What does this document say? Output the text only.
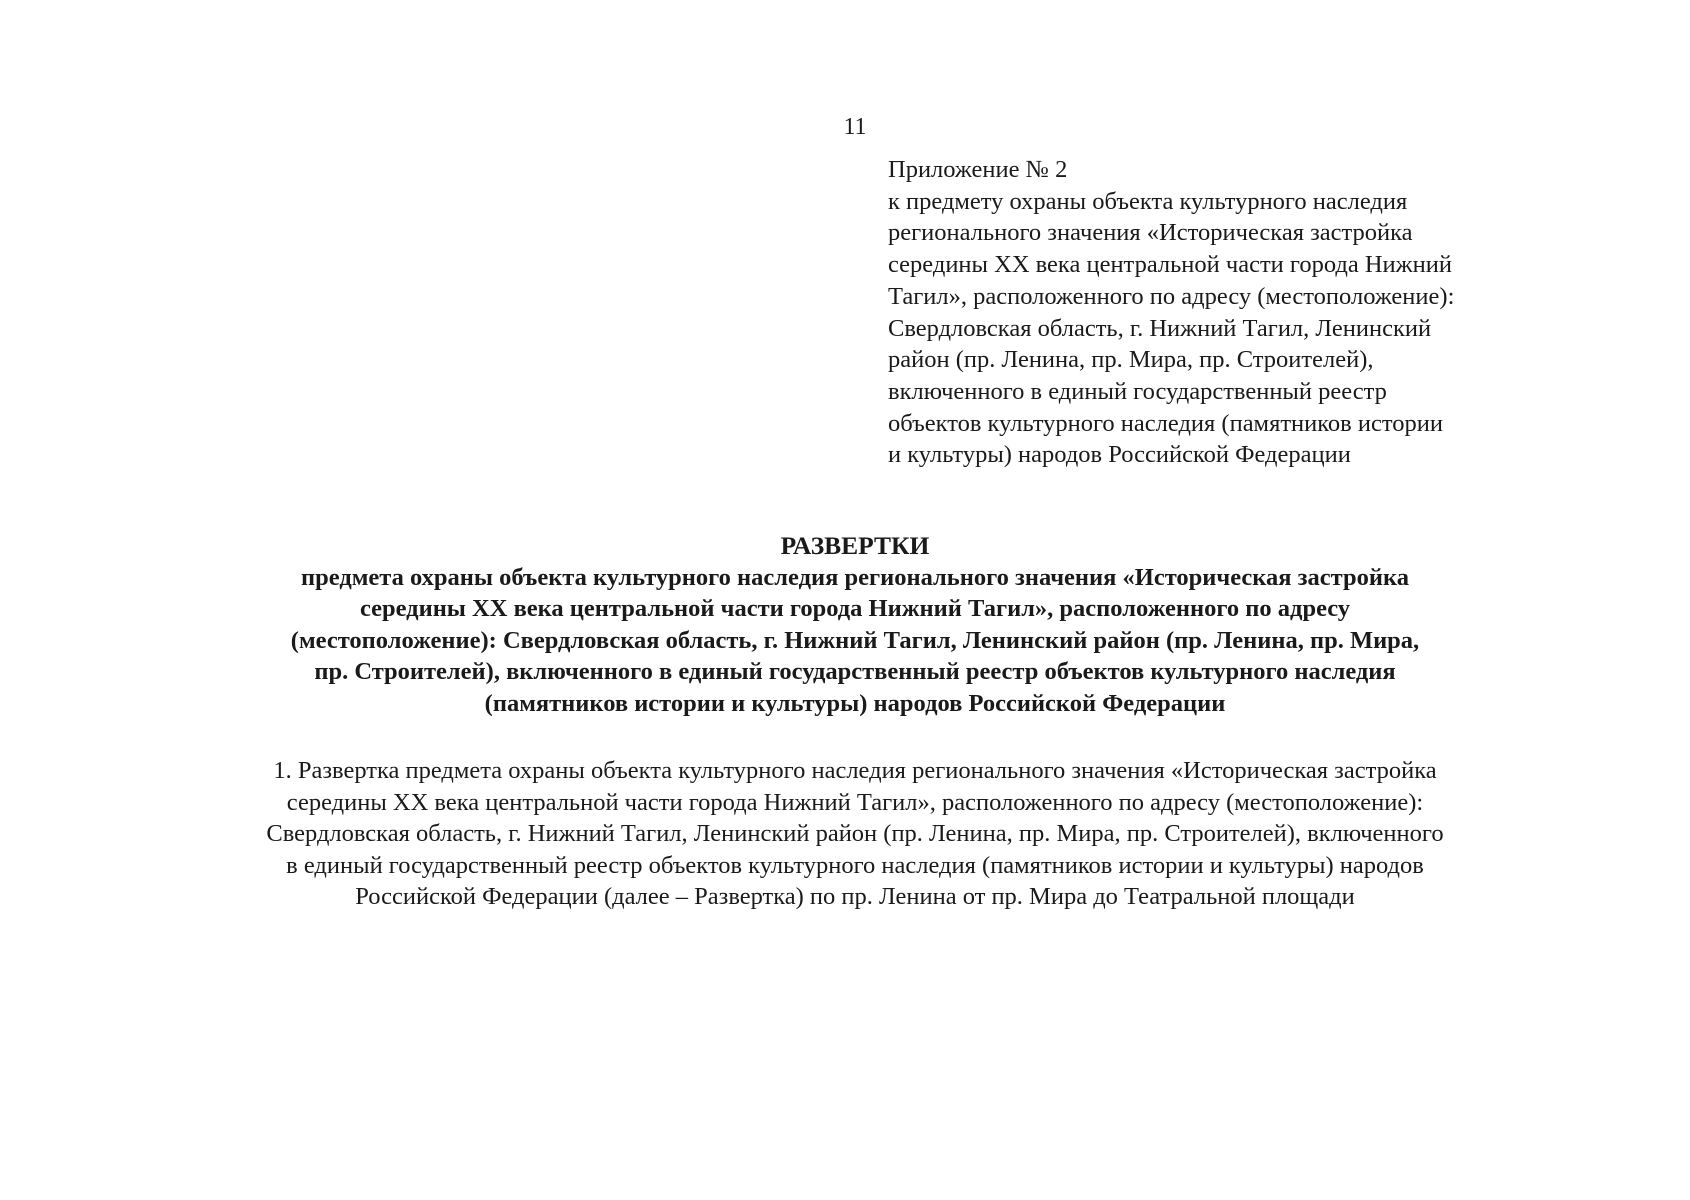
11
Приложение № 2
к предмету охраны объекта культурного наследия
регионального значения «Историческая застройка
середины XX века центральной части города Нижний
Тагил», расположенного по адресу (местоположение):
Свердловская область, г. Нижний Тагил, Ленинский
район (пр. Ленина, пр. Мира, пр. Строителей),
включенного в единый государственный реестр
объектов культурного наследия (памятников истории
и культуры) народов Российской Федерации
РАЗВЕРТКИ
предмета охраны объекта культурного наследия регионального значения «Историческая застройка
середины XX века центральной части города Нижний Тагил», расположенного по адресу
(местоположение): Свердловская область, г. Нижний Тагил, Ленинский район (пр. Ленина, пр. Мира,
пр. Строителей), включенного в единый государственный реестр объектов культурного наследия
(памятников истории и культуры) народов Российской Федерации
1. Развертка предмета охраны объекта культурного наследия регионального значения «Историческая застройка
середины XX века центральной части города Нижний Тагил», расположенного по адресу (местоположение):
Свердловская область, г. Нижний Тагил, Ленинский район (пр. Ленина, пр. Мира, пр. Строителей), включенного
в единый государственный реестр объектов культурного наследия (памятников истории и культуры) народов
Российской Федерации (далее – Развертка) по пр. Ленина от пр. Мира до Театральной площади
